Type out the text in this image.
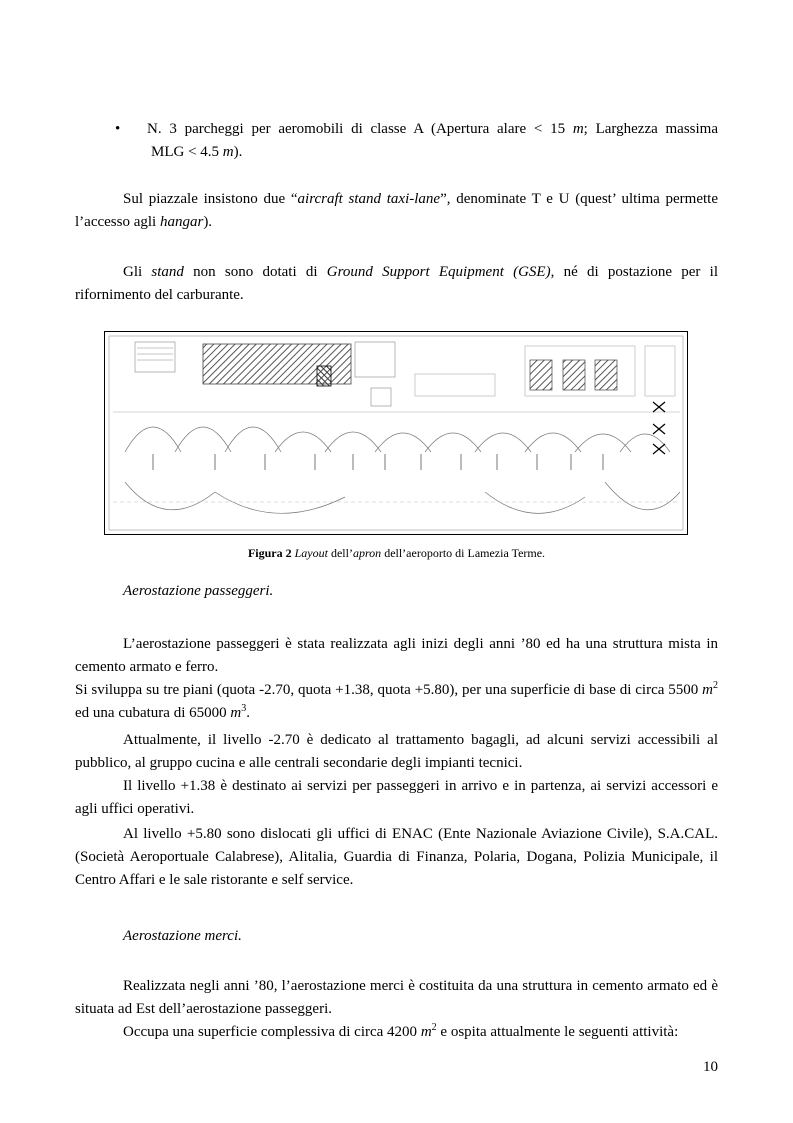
• N. 3 parcheggi per aeromobili di classe A (Apertura alare < 15 m; Larghezza massima

MLG < 4.5 m).

Sul piazzale insistono due “aircraft stand taxi-lane”, denominate T e U (quest’ ultima permette l’accesso agli hangar).

Gli stand non sono dotati di Ground Support Equipment (GSE), né di postazione per il rifornimento del carburante.

Figura 2 Layout dell’apron dell’aeroporto di Lamezia Terme.

Aerostazione passeggeri.

L’aerostazione passeggeri è stata realizzata agli inizi degli anni ’80 ed ha una struttura mista in cemento armato e ferro.

Si sviluppa su tre piani (quota -2.70, quota +1.38, quota +5.80), per una superficie di base di circa 5500 $m^2$ ed una cubatura di 65000 $m^3$.

Attualmente, il livello -2.70 è dedicato al trattamento bagagli, ad alcuni servizi accessibili al pubblico, al gruppo cucina e alle centrali secondarie degli impianti tecnici.

Il livello +1.38 è destinato ai servizi per passeggeri in arrivo e in partenza, ai servizi accessori e agli uffici operativi.

Al livello +5.80 sono dislocati gli uffici di ENAC (Ente Nazionale Aviazione Civile), S.A.CAL. (Società Aeroportuale Calabrese), Alitalia, Guardia di Finanza, Polaria, Dogana, Polizia Municipale, il Centro Affari e le sale ristorante e self service.

Aerostazione merci.

Realizzata negli anni ’80, l’aerostazione merci è costituita da una struttura in cemento armato ed è situata ad Est dell’aerostazione passeggeri.

Occupa una superficie complessiva di circa 4200 $m^2$ e ospita attualmente le seguenti attività:

10
